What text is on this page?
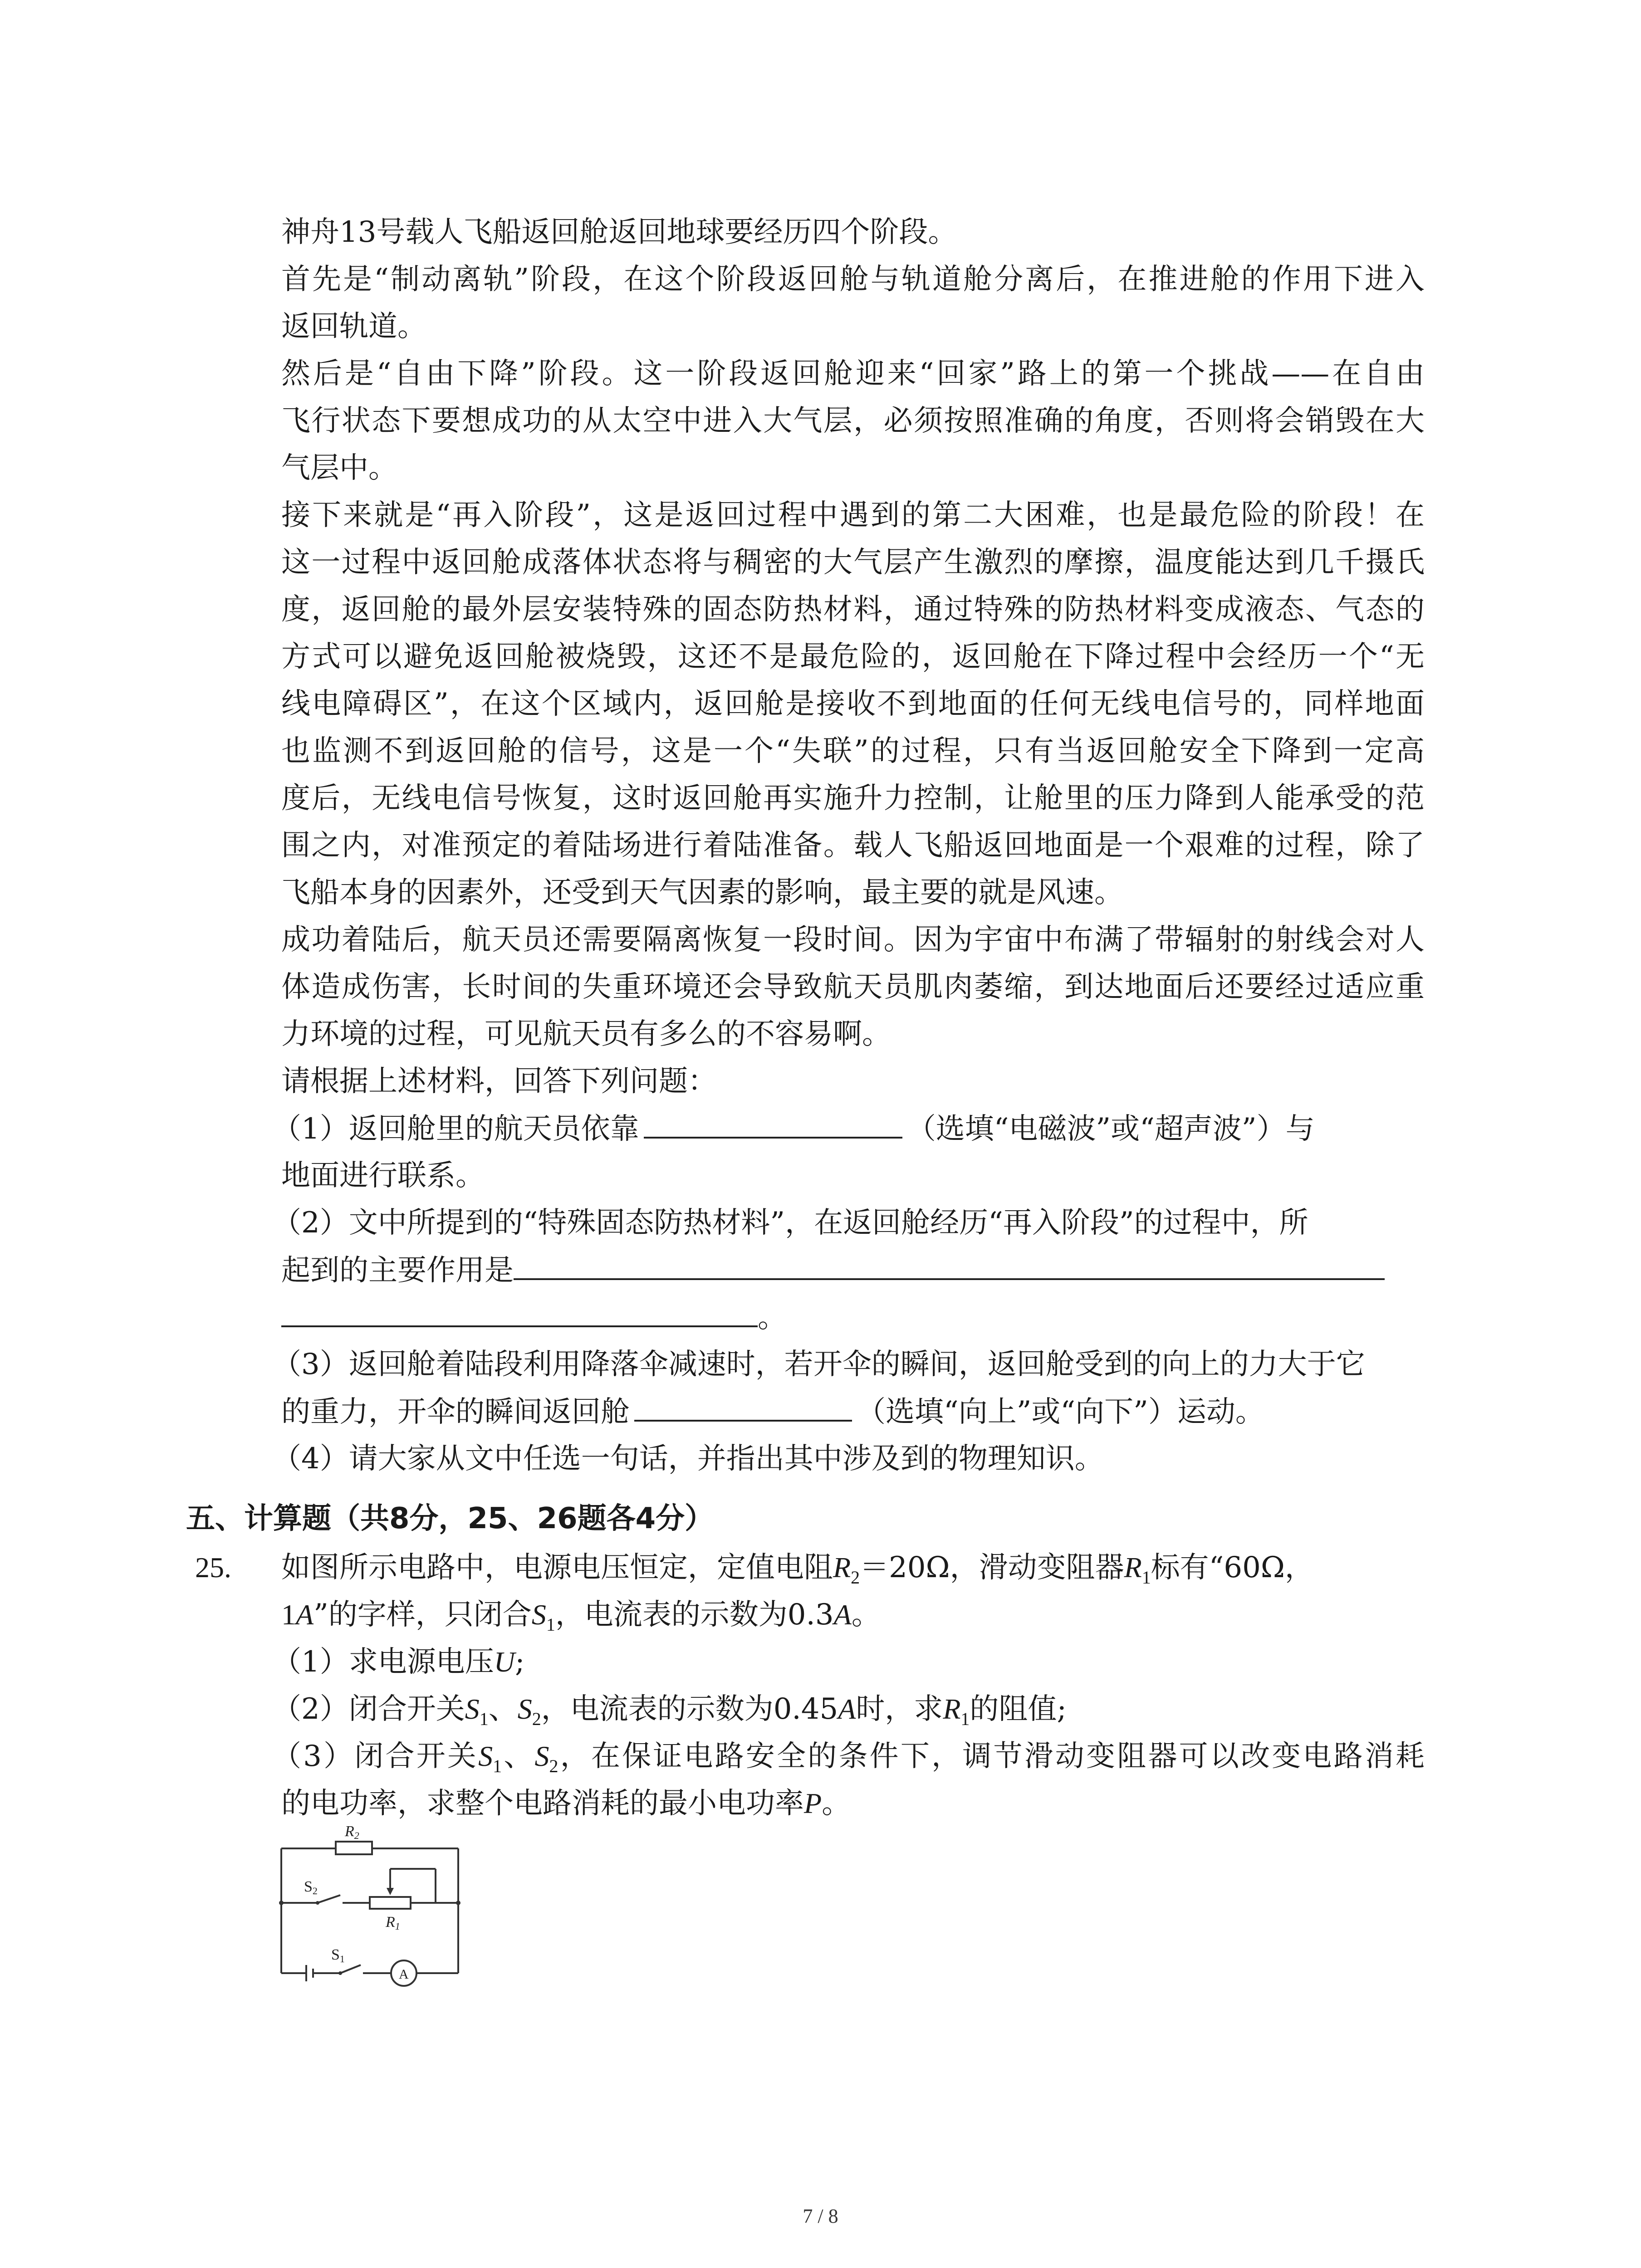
神舟13号载人飞船返回舱返回地球要经历四个阶段。
首先是“制动离轨”阶段，在这个阶段返回舱与轨道舱分离后，在推进舱的作用下进入
返回轨道。
然后是“自由下降”阶段。这一阶段返回舱迎来“回家”路上的第一个挑战——在自由
飞行状态下要想成功的从太空中进入大气层，必须按照准确的角度，否则将会销毁在大
气层中。
接下来就是“再入阶段”，这是返回过程中遇到的第二大困难，也是最危险的阶段！在
这一过程中返回舱成落体状态将与稠密的大气层产生激烈的摩擦，温度能达到几千摄氏
度，返回舱的最外层安装特殊的固态防热材料，通过特殊的防热材料变成液态、气态的
方式可以避免返回舱被烧毁，这还不是最危险的，返回舱在下降过程中会经历一个“无
线电障碍区”，在这个区域内，返回舱是接收不到地面的任何无线电信号的，同样地面
也监测不到返回舱的信号，这是一个“失联”的过程，只有当返回舱安全下降到一定高
度后，无线电信号恢复，这时返回舱再实施升力控制，让舱里的压力降到人能承受的范
围之内，对准预定的着陆场进行着陆准备。载人飞船返回地面是一个艰难的过程，除了
飞船本身的因素外，还受到天气因素的影响，最主要的就是风速。
成功着陆后，航天员还需要隔离恢复一段时间。因为宇宙中布满了带辐射的射线会对人
体造成伤害，长时间的失重环境还会导致航天员肌肉萎缩，到达地面后还要经过适应重
力环境的过程，可见航天员有多么的不容易啊。
请根据上述材料，回答下列问题：
（1）返回舱里的航天员依靠	（选填“电磁波”或“超声波”）与
地面进行联系。
（2）文中所提到的“特殊固态防热材料”，在返回舱经历“再入阶段”的过程中，所
起到的主要作用是
。
（3）返回舱着陆段利用降落伞减速时，若开伞的瞬间，返回舱受到的向上的力大于它
的重力，开伞的瞬间返回舱	（选填“向上”或“向下”）运动。
（4）请大家从文中任选一句话，并指出其中涉及到的物理知识。
五、计算题（共8分，25、26题各4分）
25. 如图所示电路中，电源电压恒定，定值电阻$R_2=20\Omega$，滑动变阻器$R_1$标有“60Ω，
1A”的字样，只闭合$S_1$，电流表的示数为0.3A。
（1）求电源电压U;
（2）闭合开关$S_1$、$S_2$，电流表的示数为0.45A时，求$R_1$的阻值;
（3）闭合开关$S_1$、$S_2$，在保证电路安全的条件下，调节滑动变阻器可以改变电路消耗
的电功率，求整个电路消耗的最小电功率P。
R2
R1
S2
S1
A
7 / 8
